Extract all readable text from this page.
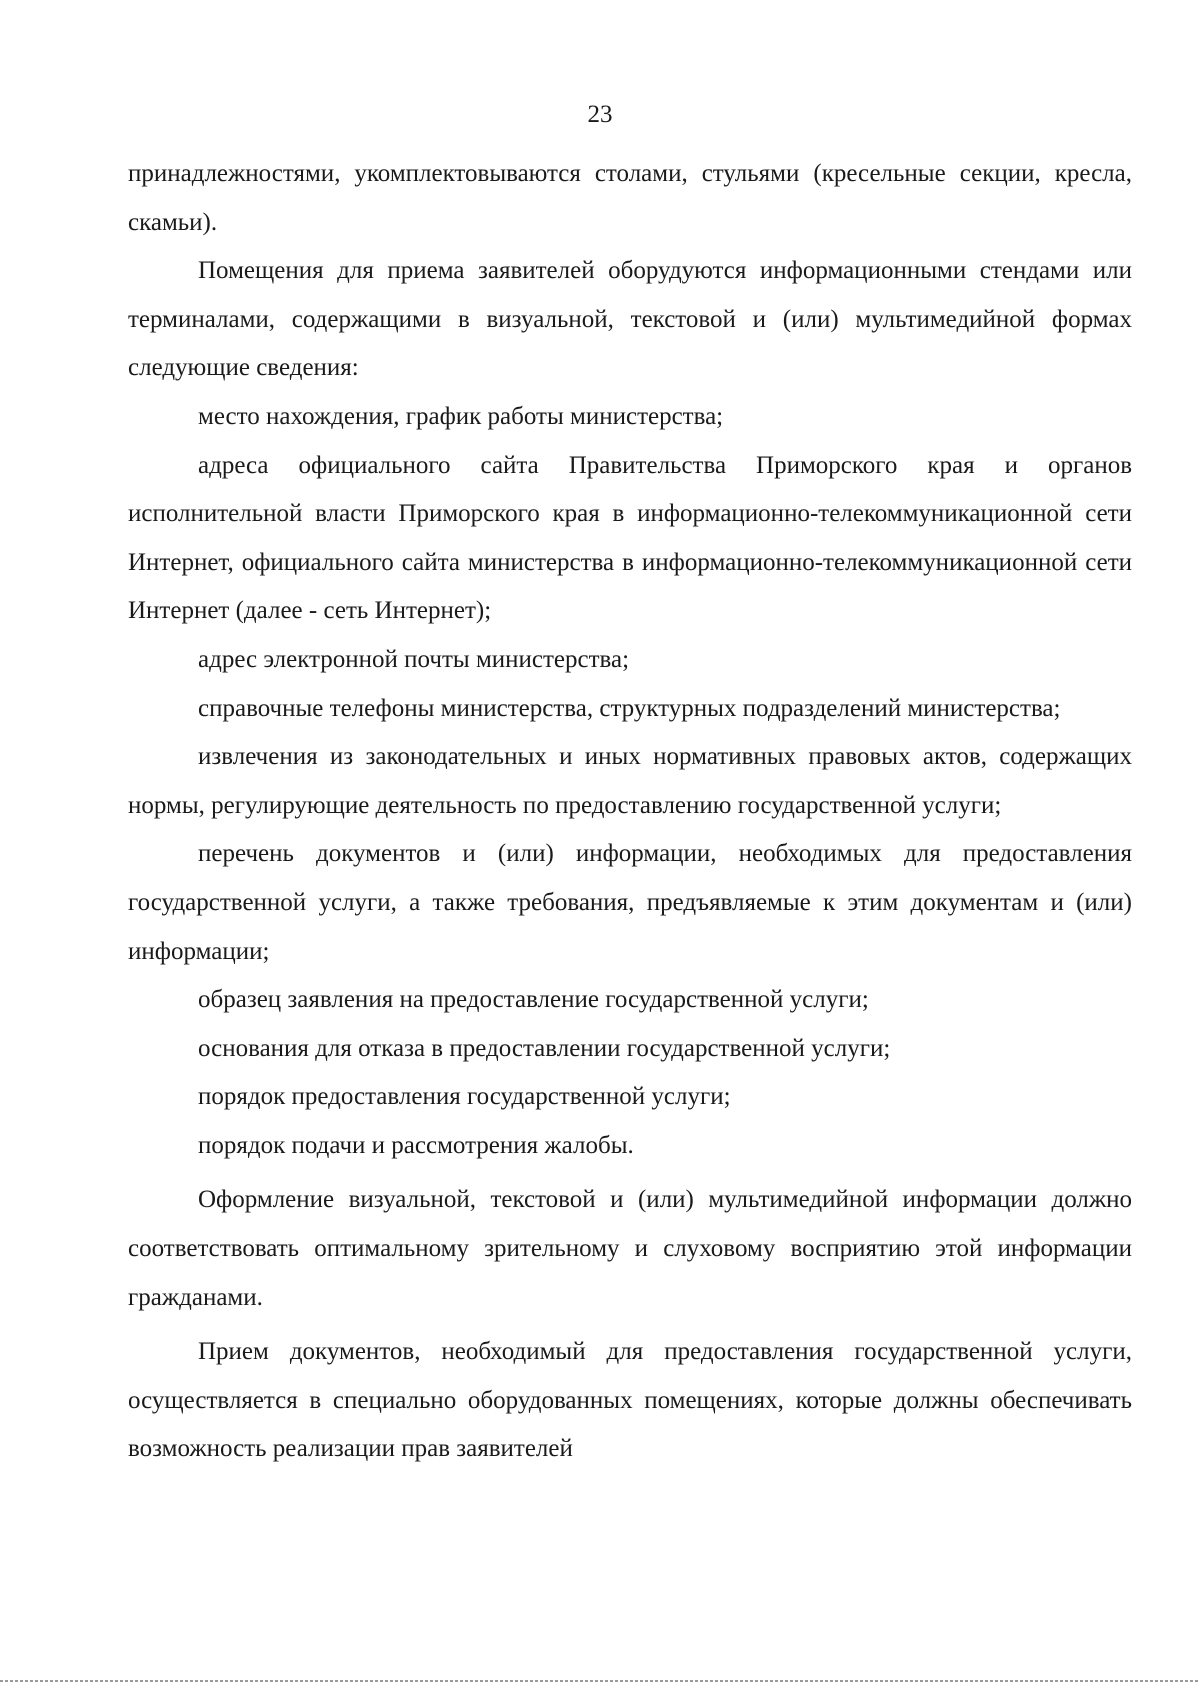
23

принадлежностями, укомплектовываются столами, стульями (кресельные секции, кресла, скамьи).

Помещения для приема заявителей оборудуются информационными стендами или терминалами, содержащими в визуальной, текстовой и (или) мультимедийной формах следующие сведения:

место нахождения, график работы министерства;

адреса официального сайта Правительства Приморского края и органов исполнительной власти Приморского края в информационно-телекоммуникационной сети Интернет, официального сайта министерства в информационно-телекоммуникационной сети Интернет (далее - сеть Интернет);

адрес электронной почты министерства;

справочные телефоны министерства, структурных подразделений министерства;

извлечения из законодательных и иных нормативных правовых актов, содержащих нормы, регулирующие деятельность по предоставлению государственной услуги;

перечень документов и (или) информации, необходимых для предоставления государственной услуги, а также требования, предъявляемые к этим документам и (или) информации;

образец заявления на предоставление государственной услуги;

основания для отказа в предоставлении государственной услуги;

порядок предоставления государственной услуги;

порядок подачи и рассмотрения жалобы.

Оформление визуальной, текстовой и (или) мультимедийной информации должно соответствовать оптимальному зрительному и слуховому восприятию этой информации гражданами.

Прием документов, необходимый для предоставления государственной услуги, осуществляется в специально оборудованных помещениях, которые должны обеспечивать возможность реализации прав заявителей
